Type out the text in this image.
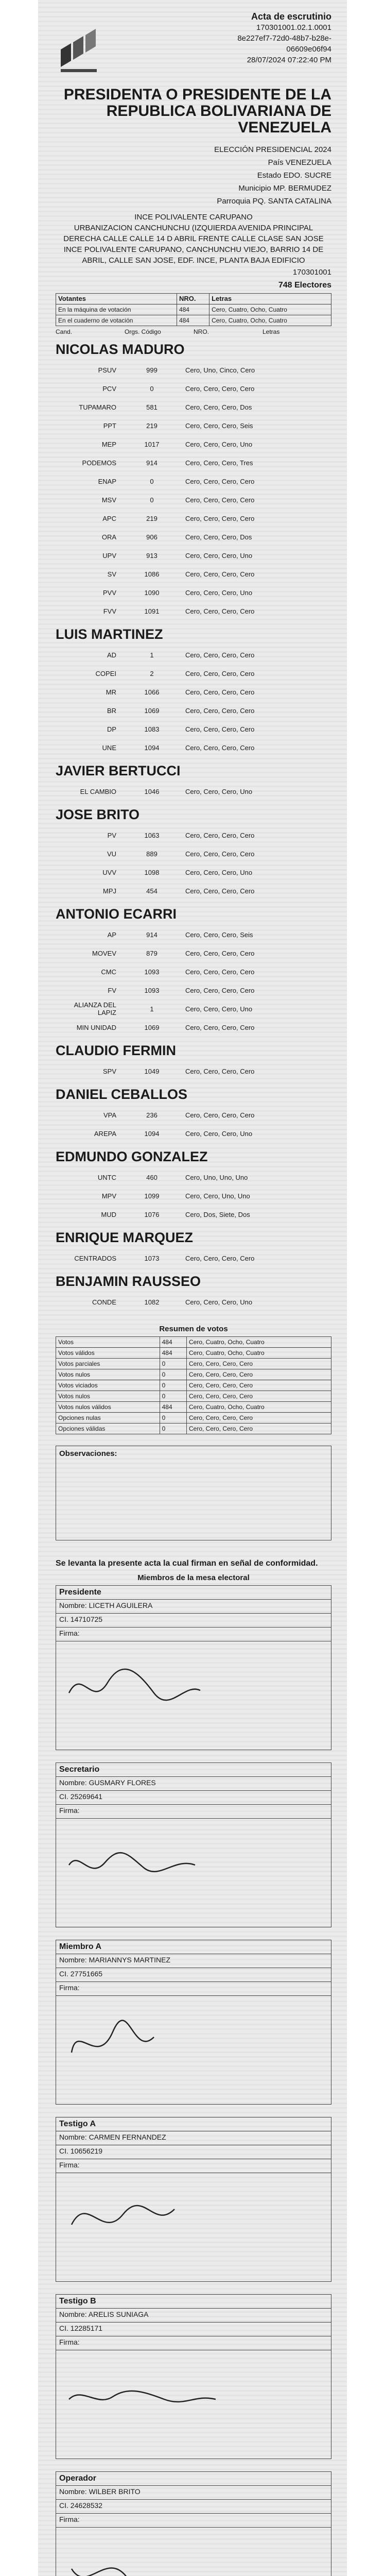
Acta de escrutinio
170301001.02.1.0001
8e227ef7-72d0-48b7-b28e-
06609e06f94
28/07/2024 07:22:40 PM
PRESIDENTA O PRESIDENTE DE LA REPUBLICA BOLIVARIANA DE VENEZUELA
ELECCIÓN PRESIDENCIAL 2024
País VENEZUELA
Estado EDO. SUCRE
Municipio MP. BERMUDEZ
Parroquia PQ. SANTA CATALINA
INCE POLIVALENTE CARUPANO
URBANIZACION CANCHUNCHU (IZQUIERDA AVENIDA PRINCIPAL DERECHA CALLE CALLE 14 D ABRIL FRENTE CALLE CLASE SAN JOSE INCE POLIVALENTE CARUPANO, CANCHUNCHU VIEJO, BARRIO 14 DE ABRIL, CALLE SAN JOSE, EDF. INCE, PLANTA BAJA EDIFICIO
170301001
748 Electores
Votantes	NRO.	Letras
En la máquina de votación	484	Cero, Cuatro, Ocho, Cuatro
En el cuaderno de votación	484	Cero, Cuatro, Ocho, Cuatro
Cand.	Orgs. Código	NRO.	Letras
NICOLAS MADURO
PSUV	999	Cero, Uno, Cinco, Cero
PCV	0	Cero, Cero, Cero, Cero
TUPAMARO	581	Cero, Cero, Cero, Dos
PPT	219	Cero, Cero, Cero, Seis
MEP	1017	Cero, Cero, Cero, Uno
PODEMOS	914	Cero, Cero, Cero, Tres
ENAP	0	Cero, Cero, Cero, Cero
MSV	0	Cero, Cero, Cero, Cero
APC	219	Cero, Cero, Cero, Cero
ORA	906	Cero, Cero, Cero, Dos
UPV	913	Cero, Cero, Cero, Uno
SV	1086	Cero, Cero, Cero, Cero
PVV	1090	Cero, Cero, Cero, Uno
FVV	1091	Cero, Cero, Cero, Cero
LUIS MARTINEZ
AD	1	Cero, Cero, Cero, Cero
COPEI	2	Cero, Cero, Cero, Cero
MR	1066	Cero, Cero, Cero, Cero
BR	1069	Cero, Cero, Cero, Cero
DP	1083	Cero, Cero, Cero, Cero
UNE	1094	Cero, Cero, Cero, Cero
JAVIER BERTUCCI
EL CAMBIO	1046	Cero, Cero, Cero, Uno
JOSE BRITO
PV	1063	Cero, Cero, Cero, Cero
VU	889	Cero, Cero, Cero, Cero
UVV	1098	Cero, Cero, Cero, Uno
MPJ	454	Cero, Cero, Cero, Cero
ANTONIO ECARRI
AP	914	Cero, Cero, Cero, Seis
MOVEV	879	Cero, Cero, Cero, Cero
CMC	1093	Cero, Cero, Cero, Cero
FV	1093	Cero, Cero, Cero, Cero
ALIANZA DEL LAPIZ	1	Cero, Cero, Cero, Uno
MIN UNIDAD	1069	Cero, Cero, Cero, Cero
CLAUDIO FERMIN
SPV	1049	Cero, Cero, Cero, Cero
DANIEL CEBALLOS
VPA	236	Cero, Cero, Cero, Cero
AREPA	1094	Cero, Cero, Cero, Uno
EDMUNDO GONZALEZ
UNTC	460	Cero, Uno, Uno, Uno
MPV	1099	Cero, Cero, Uno, Uno
MUD	1076	Cero, Dos, Siete, Dos
ENRIQUE MARQUEZ
CENTRADOS	1073	Cero, Cero, Cero, Cero
BENJAMIN RAUSSEO
CONDE	1082	Cero, Cero, Cero, Uno
Resumen de votos
Votos	484	Cero, Cuatro, Ocho, Cuatro
Votos válidos	484	Cero, Cuatro, Ocho, Cuatro
Votos parciales	0	Cero, Cero, Cero, Cero
Votos nulos	0	Cero, Cero, Cero, Cero
Votos viciados	0	Cero, Cero, Cero, Cero
Votos nulos	0	Cero, Cero, Cero, Cero
Votos nulos válidos	484	Cero, Cuatro, Ocho, Cuatro
Opciones nulas	0	Cero, Cero, Cero, Cero
Opciones válidas	0	Cero, Cero, Cero, Cero
Observaciones:
Se levanta la presente acta la cual firman en señal de conformidad.
Miembros de la mesa electoral
Presidente
Nombre: LICETH AGUILERA
CI. 14710725
Firma:
Secretario
Nombre: GUSMARY FLORES
CI. 25269641
Firma:
Miembro A
Nombre: MARIANNYS MARTINEZ
CI. 27751665
Firma:
Testigo A
Nombre: CARMEN FERNANDEZ
CI. 10656219
Firma:
Testigo B
Nombre: ARELIS SUNIAGA
CI. 12285171
Firma:
Operador
Nombre: WILBER BRITO
CI. 24628532
Firma:
